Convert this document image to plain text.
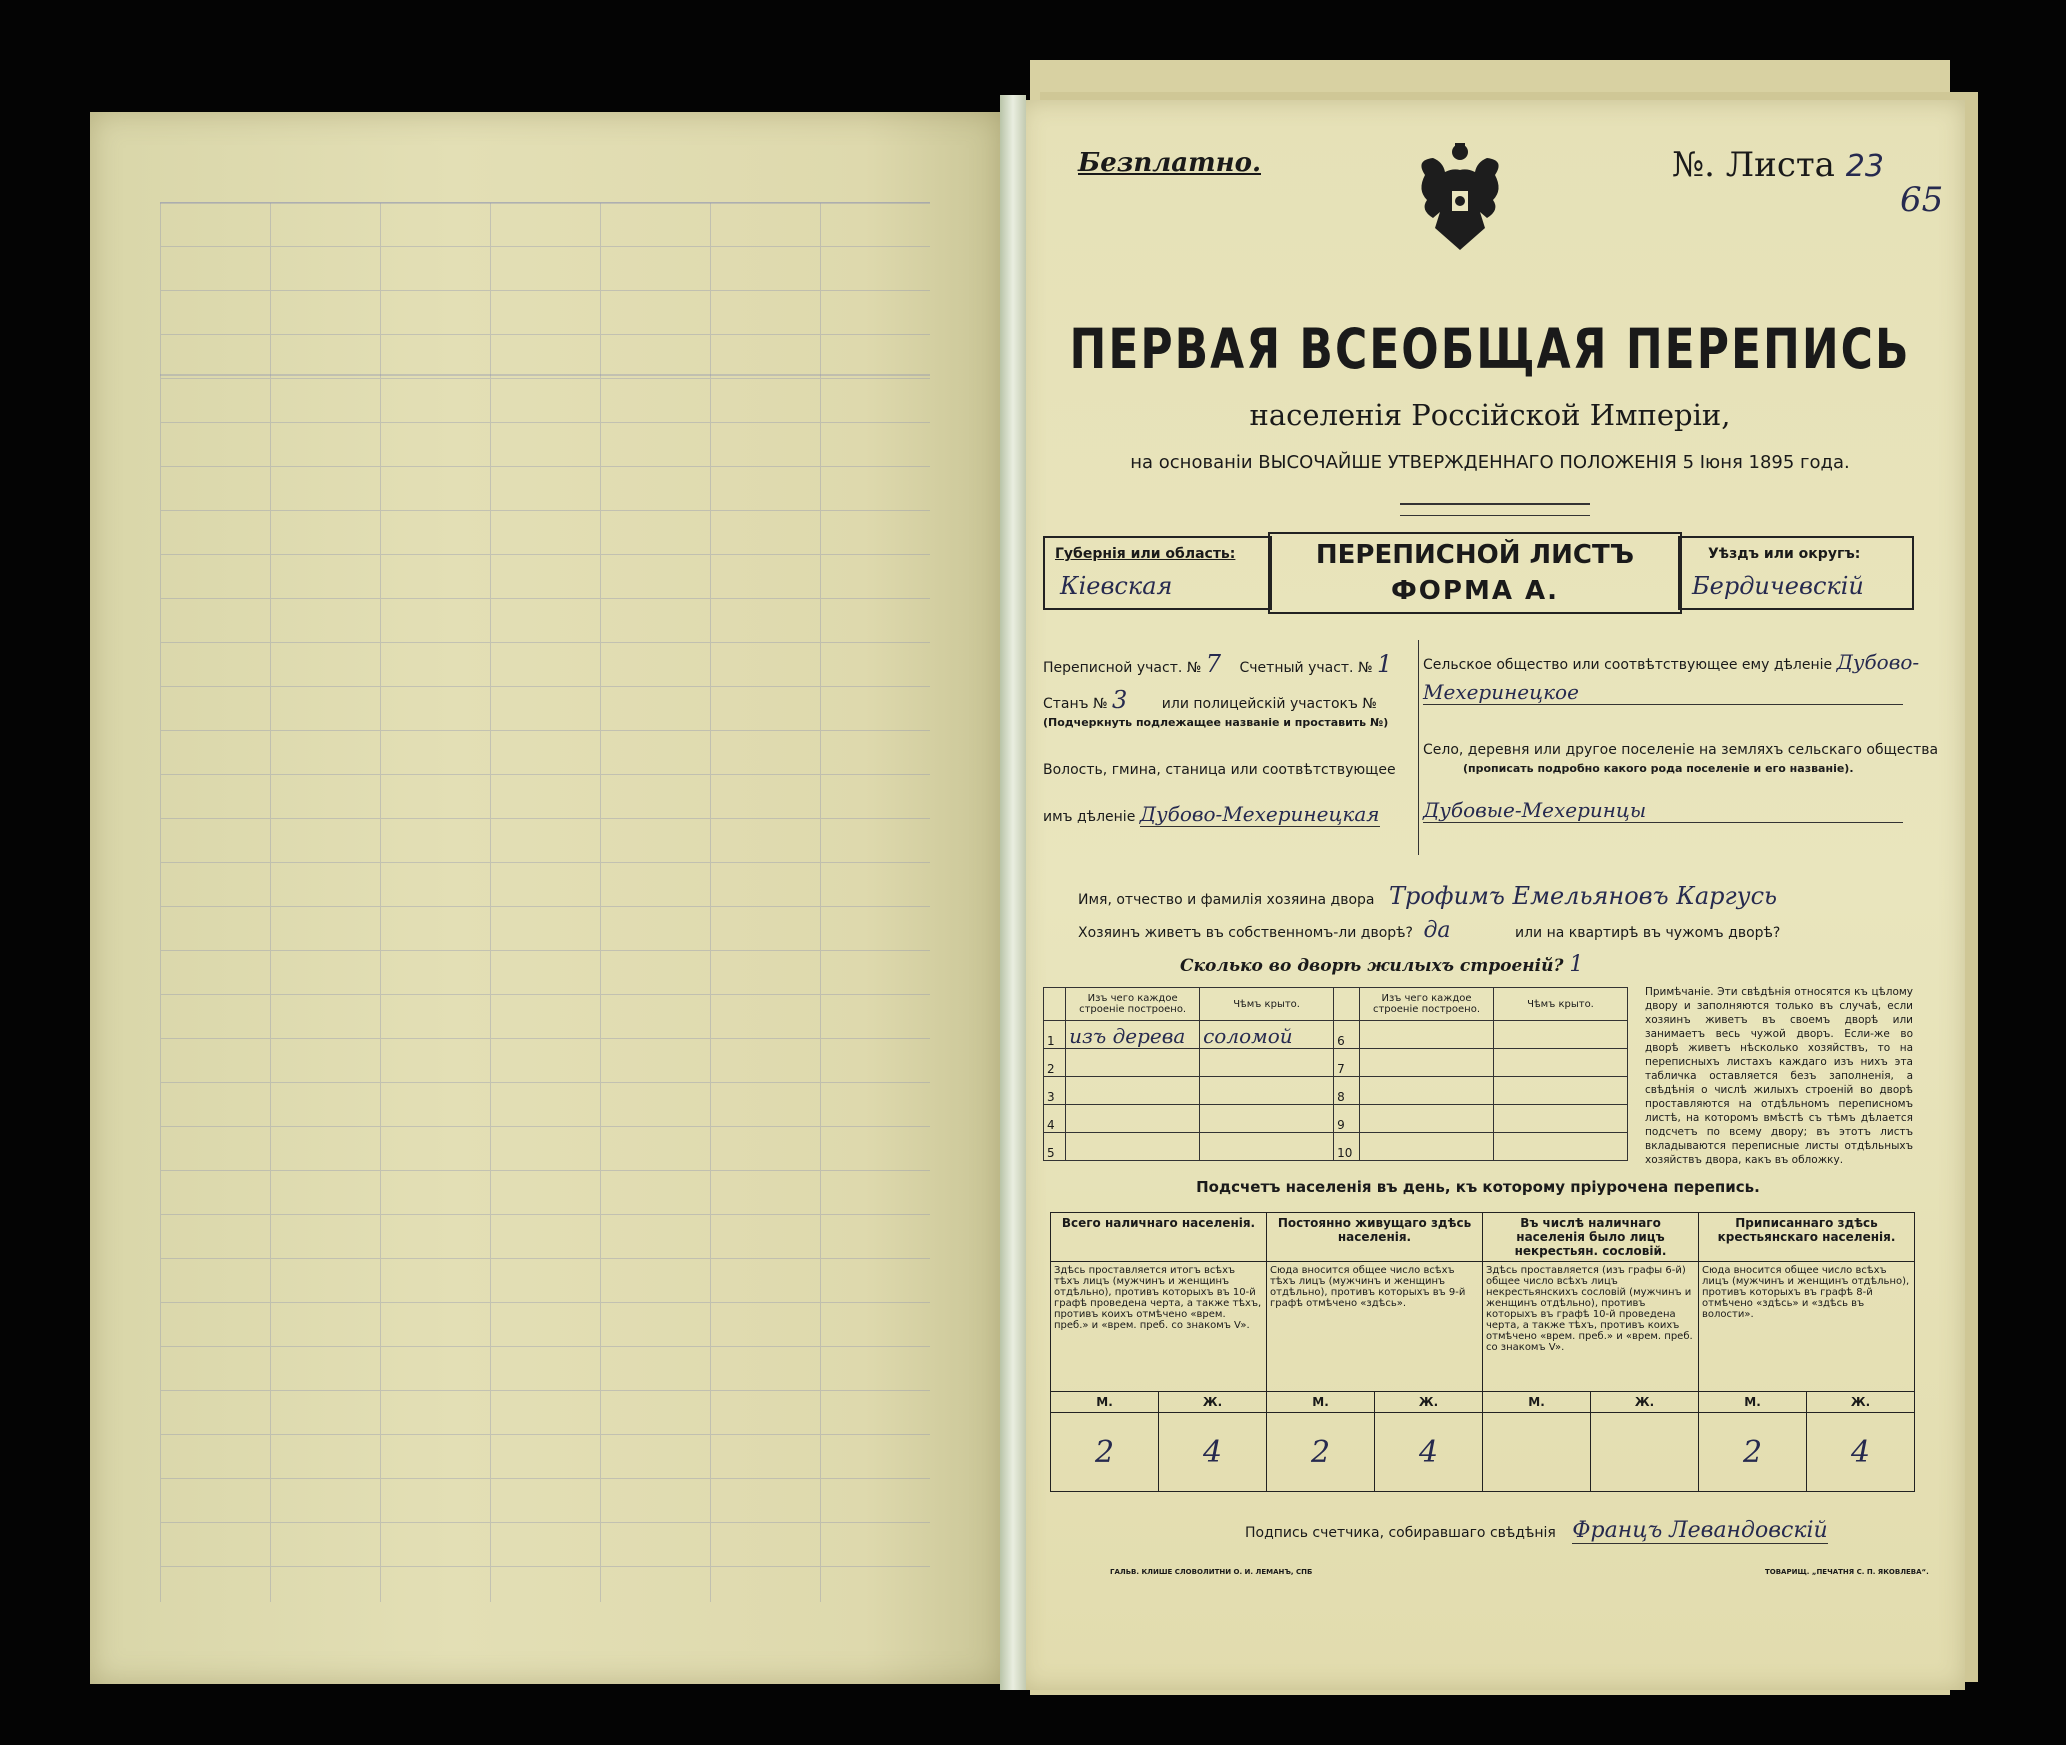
Безплатно.	№. Листа 23
65
ПЕРВАЯ ВСЕОБЩАЯ ПЕРЕПИСЬ
населенія Россійской Имперіи,
на основаніи ВЫСОЧАЙШЕ УТВЕРЖДЕННАГО ПОЛОЖЕНІЯ 5 Іюня 1895 года.
Губернія или область:
Кіевская
ПЕРЕПИСНОЙ ЛИСТЪ
ФОРМА А.
Уѣздъ или округъ:
Бердичевскій
Переписной участ. № 7 Счетный участ. № 1
Станъ № 3 или полицейскій участокъ №
(Подчеркнуть подлежащее названіе и проставить №)
Волость, гмина, станица или соотвѣтствующее
имъ дѣленіе Дубово-Мехеринецкая
Сельское общество или соотвѣтствующее ему дѣленіе Дубово-
Мехеринецкое
Село, деревня или другое поселеніе на земляхъ сельскаго общества
(прописать подробно какого рода поселеніе и его названіе).
Дубовые-Мехеринцы
Имя, отчество и фамилія хозяина двора Трофимъ Емельяновъ Каргусь
Хозяинъ живетъ въ собственномъ-ли дворѣ? да	или на квартирѣ въ чужомъ дворѣ?
Сколько во дворѣ жилыхъ строеній? 1
	Изъ чего каждое строеніе построено.	Чѣмъ крыто.		Изъ чего каждое строеніе построено.	Чѣмъ крыто.
1	изъ дерева	соломой	6		
2			7		
3			8		
4			9		
5			10		
Примѣчаніе. Эти свѣдѣнія относятся къ цѣлому двору и заполняются только въ случаѣ, если хозяинъ живетъ въ своемъ дворѣ или занимаетъ весь чужой дворъ. Если-же во дворѣ живетъ нѣсколько хозяйствъ, то на переписныхъ листахъ каждаго изъ нихъ эта табличка оставляется безъ заполненія, а свѣдѣнія о числѣ жилыхъ строеній во дворѣ проставляются на отдѣльномъ переписномъ листѣ, на которомъ вмѣстѣ съ тѣмъ дѣлается подсчетъ по всему двору; въ этотъ листъ вкладываются переписные листы отдѣльныхъ хозяйствъ двора, какъ въ обложку.
Подсчетъ населенія въ день, къ которому пріурочена перепись.
Всего наличнаго населенія.		Постоянно живущаго здѣсь населенія.		Въ числѣ наличнаго населенія было лицъ некрестьян. сословій.		Приписаннаго здѣсь крестьянскаго населенія.	
Здѣсь проставляется итогъ всѣхъ тѣхъ лицъ (мужчинъ и женщинъ отдѣльно), противъ которыхъ въ 10-й графѣ проведена черта, а также тѣхъ, противъ коихъ отмѣчено «врем. преб.» и «врем. преб. со знакомъ V».		Сюда вносится общее число всѣхъ тѣхъ лицъ (мужчинъ и женщинъ отдѣльно), противъ которыхъ въ 9-й графѣ отмѣчено «здѣсь».		Здѣсь проставляется (изъ графы 6-й) общее число всѣхъ лицъ некрестьянскихъ сословій (мужчинъ и женщинъ отдѣльно), противъ которыхъ въ графѣ 10-й проведена черта, а также тѣхъ, противъ коихъ отмѣчено «врем. преб.» и «врем. преб. со знакомъ V».		Сюда вносится общее число всѣхъ лицъ (мужчинъ и женщинъ отдѣльно), противъ которыхъ въ графѣ 8-й отмѣчено «здѣсь» и «здѣсь въ волости».	
М.	Ж.	М.	Ж.	М.	Ж.	М.	Ж.
2	4	2	4			2	4
Подпись счетчика, собиравшаго свѣдѣнія Францъ Левандовскій
ГАЛЬВ. КЛИШЕ СЛОВОЛИТНИ О. И. ЛЕМАНЪ, СПБ	ТОВАРИЩ. „ПЕЧАТНЯ С. П. ЯКОВЛЕВА“.
